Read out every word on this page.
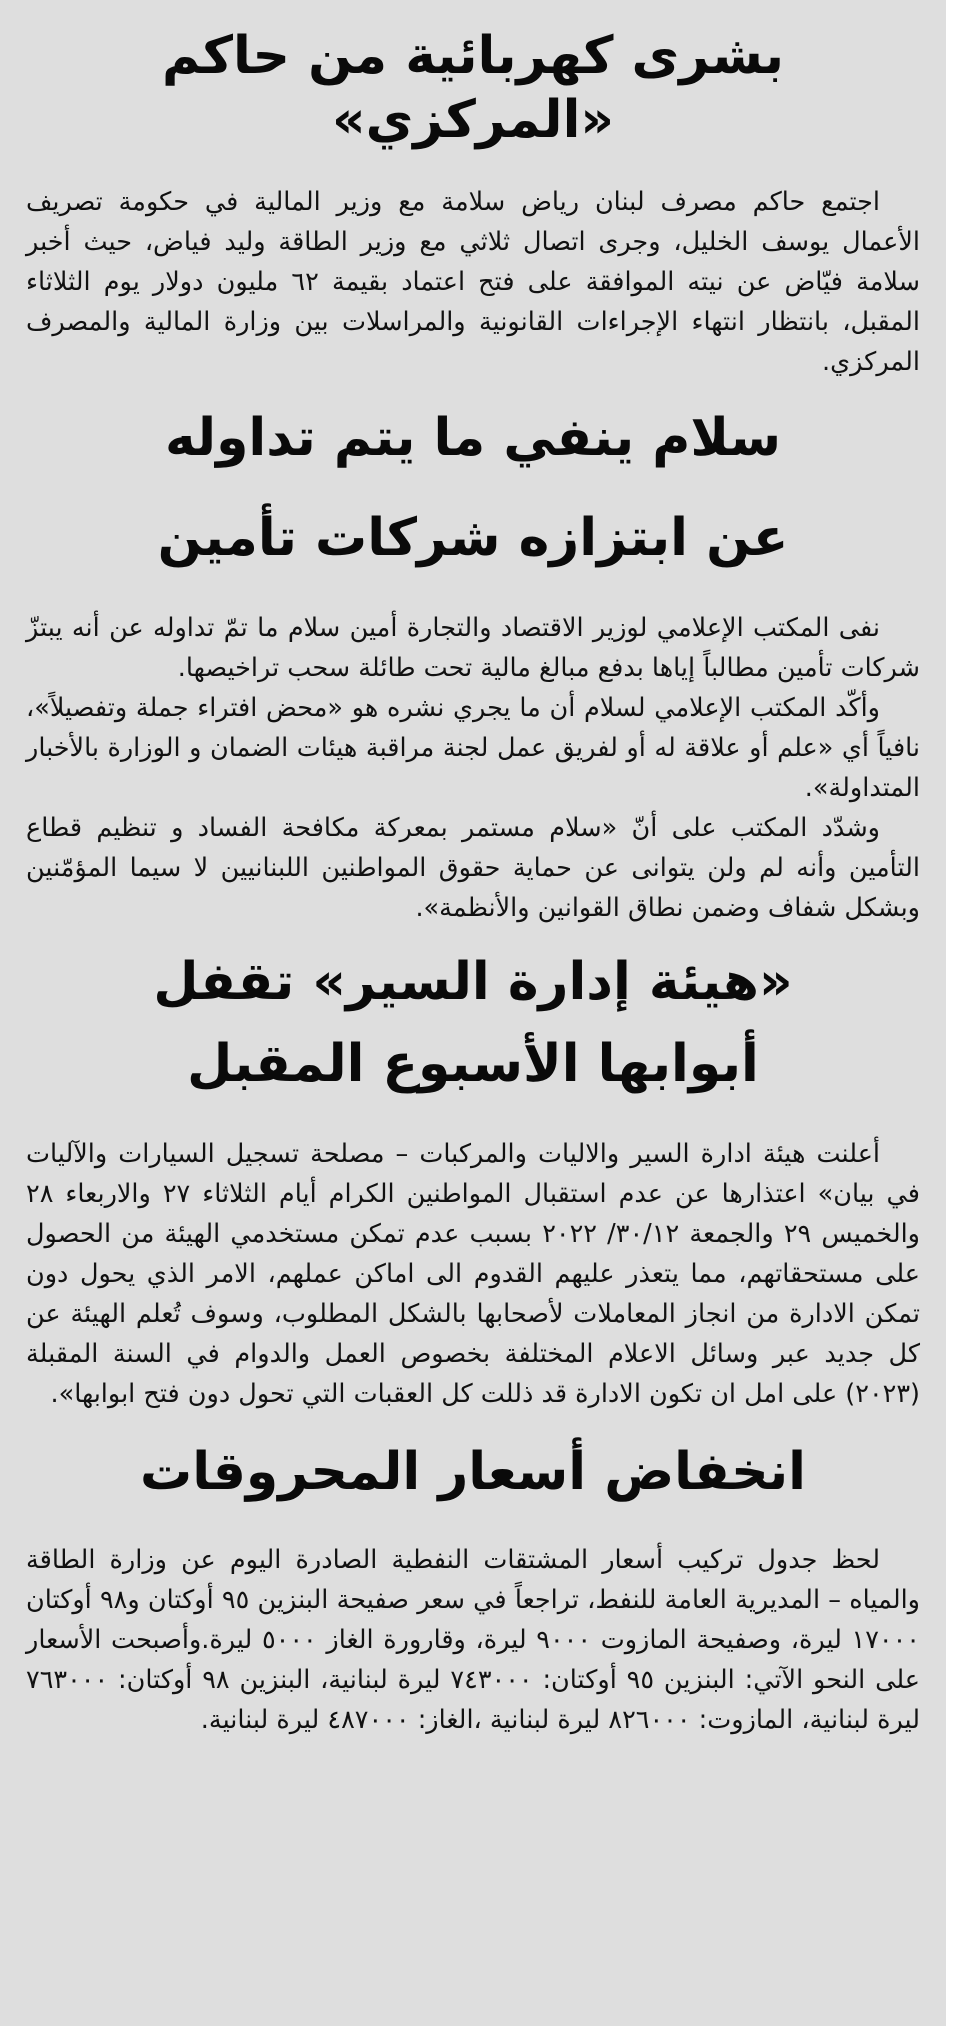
بشرى كهربائية من حاكم «المركزي»

اجتمع حاكم مصرف لبنان رياض سلامة مع وزير المالية في حكومة تصريف الأعمال يوسف الخليل، وجرى اتصال ثلاثي مع وزير الطاقة وليد فياض، حيث أخبر سلامة فيّاض عن نيته الموافقة على فتح اعتماد بقيمة ٦٢ مليون دولار يوم الثلاثاء المقبل، بانتظار انتهاء الإجراءات القانونية والمراسلات بين وزارة المالية والمصرف المركزي.

سلام ينفي ما يتم تداوله
عن ابتزازه شركات تأمين

نفى المكتب الإعلامي لوزير الاقتصاد والتجارة أمين سلام ما تمّ تداوله عن أنه يبتزّ شركات تأمين مطالباً إياها بدفع مبالغ مالية تحت طائلة سحب تراخيصها.

وأكّد المكتب الإعلامي لسلام أن ما يجري نشره هو «محض افتراء جملة وتفصيلاً»، نافياً أي «علم أو علاقة له أو لفريق عمل لجنة مراقبة هيئات الضمان و الوزارة بالأخبار المتداولة».

وشدّد المكتب على أنّ «سلام مستمر بمعركة مكافحة الفساد و تنظيم قطاع التأمين وأنه لم ولن يتوانى عن حماية حقوق المواطنين اللبنانيين لا سيما المؤمّنين وبشكل شفاف وضمن نطاق القوانين والأنظمة».

«هيئة إدارة السير» تقفل
أبوابها الأسبوع المقبل

أعلنت هيئة ادارة السير والاليات والمركبات – مصلحة تسجيل السيارات والآليات في بيان» اعتذارها عن عدم استقبال المواطنين الكرام أيام الثلاثاء ٢٧ والاربعاء ٢٨ والخميس ٢٩ والجمعة ٣٠/١٢/ ٢٠٢٢ بسبب عدم تمكن مستخدمي الهيئة من الحصول على مستحقاتهم، مما يتعذر عليهم القدوم الى اماكن عملهم، الامر الذي يحول دون تمكن الادارة من انجاز المعاملات لأصحابها بالشكل المطلوب، وسوف تُعلم الهيئة عن كل جديد عبر وسائل الاعلام المختلفة بخصوص العمل والدوام في السنة المقبلة (٢٠٢٣) على امل ان تكون الادارة قد ذللت كل العقبات التي تحول دون فتح ابوابها».

انخفاض أسعار المحروقات

لحظ جدول تركيب أسعار المشتقات النفطية الصادرة اليوم عن وزارة الطاقة والمياه – المديرية العامة للنفط، تراجعاً في سعر صفيحة البنزين ٩٥ أوكتان و٩٨ أوكتان ١٧٠٠٠ ليرة، وصفيحة المازوت ٩٠٠٠ ليرة، وقارورة الغاز ٥٠٠٠ ليرة.وأصبحت الأسعار على النحو الآتي: البنزين ٩٥ أوكتان: ٧٤٣٠٠٠ ليرة لبنانية، البنزين ٩٨ أوكتان: ٧٦٣٠٠٠ ليرة لبنانية، المازوت: ٨٢٦٠٠٠ ليرة لبنانية ،الغاز: ٤٨٧٠٠٠ ليرة لبنانية.
